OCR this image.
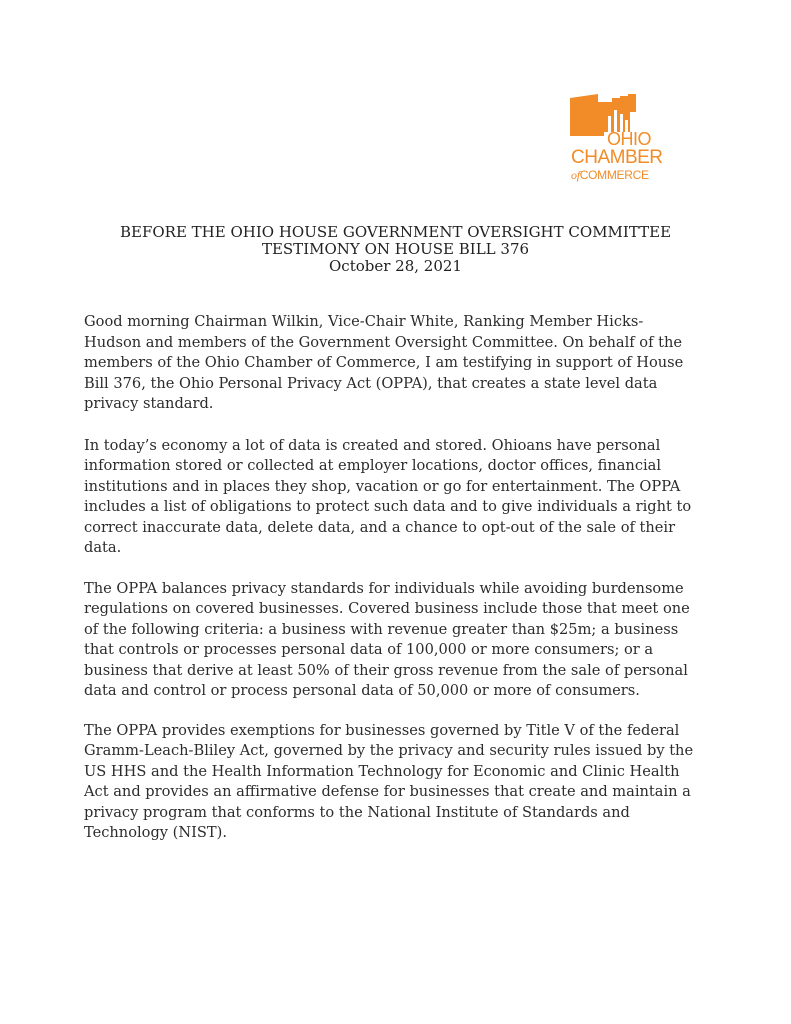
OHIO
CHAMBER
ofCOMMERCE
BEFORE THE OHIO HOUSE GOVERNMENT OVERSIGHT COMMITTEE
TESTIMONY ON HOUSE BILL 376
October 28, 2021

Good morning Chairman Wilkin, Vice-Chair White, Ranking Member Hicks-Hudson and members of the Government Oversight Committee. On behalf of the members of the Ohio Chamber of Commerce, I am testifying in support of House Bill 376, the Ohio Personal Privacy Act (OPPA), that creates a state level data privacy standard.

In today’s economy a lot of data is created and stored. Ohioans have personal information stored or collected at employer locations, doctor offices, financial institutions and in places they shop, vacation or go for entertainment. The OPPA includes a list of obligations to protect such data and to give individuals a right to correct inaccurate data, delete data, and a chance to opt-out of the sale of their data.

The OPPA balances privacy standards for individuals while avoiding burdensome regulations on covered businesses. Covered business include those that meet one of the following criteria: a business with revenue greater than $25m; a business that controls or processes personal data of 100,000 or more consumers; or a business that derive at least 50% of their gross revenue from the sale of personal data and control or process personal data of 50,000 or more of consumers.

The OPPA provides exemptions for businesses governed by Title V of the federal Gramm-Leach-Bliley Act, governed by the privacy and security rules issued by the US HHS and the Health Information Technology for Economic and Clinic Health Act and provides an affirmative defense for businesses that create and maintain a privacy program that conforms to the National Institute of Standards and Technology (NIST).
